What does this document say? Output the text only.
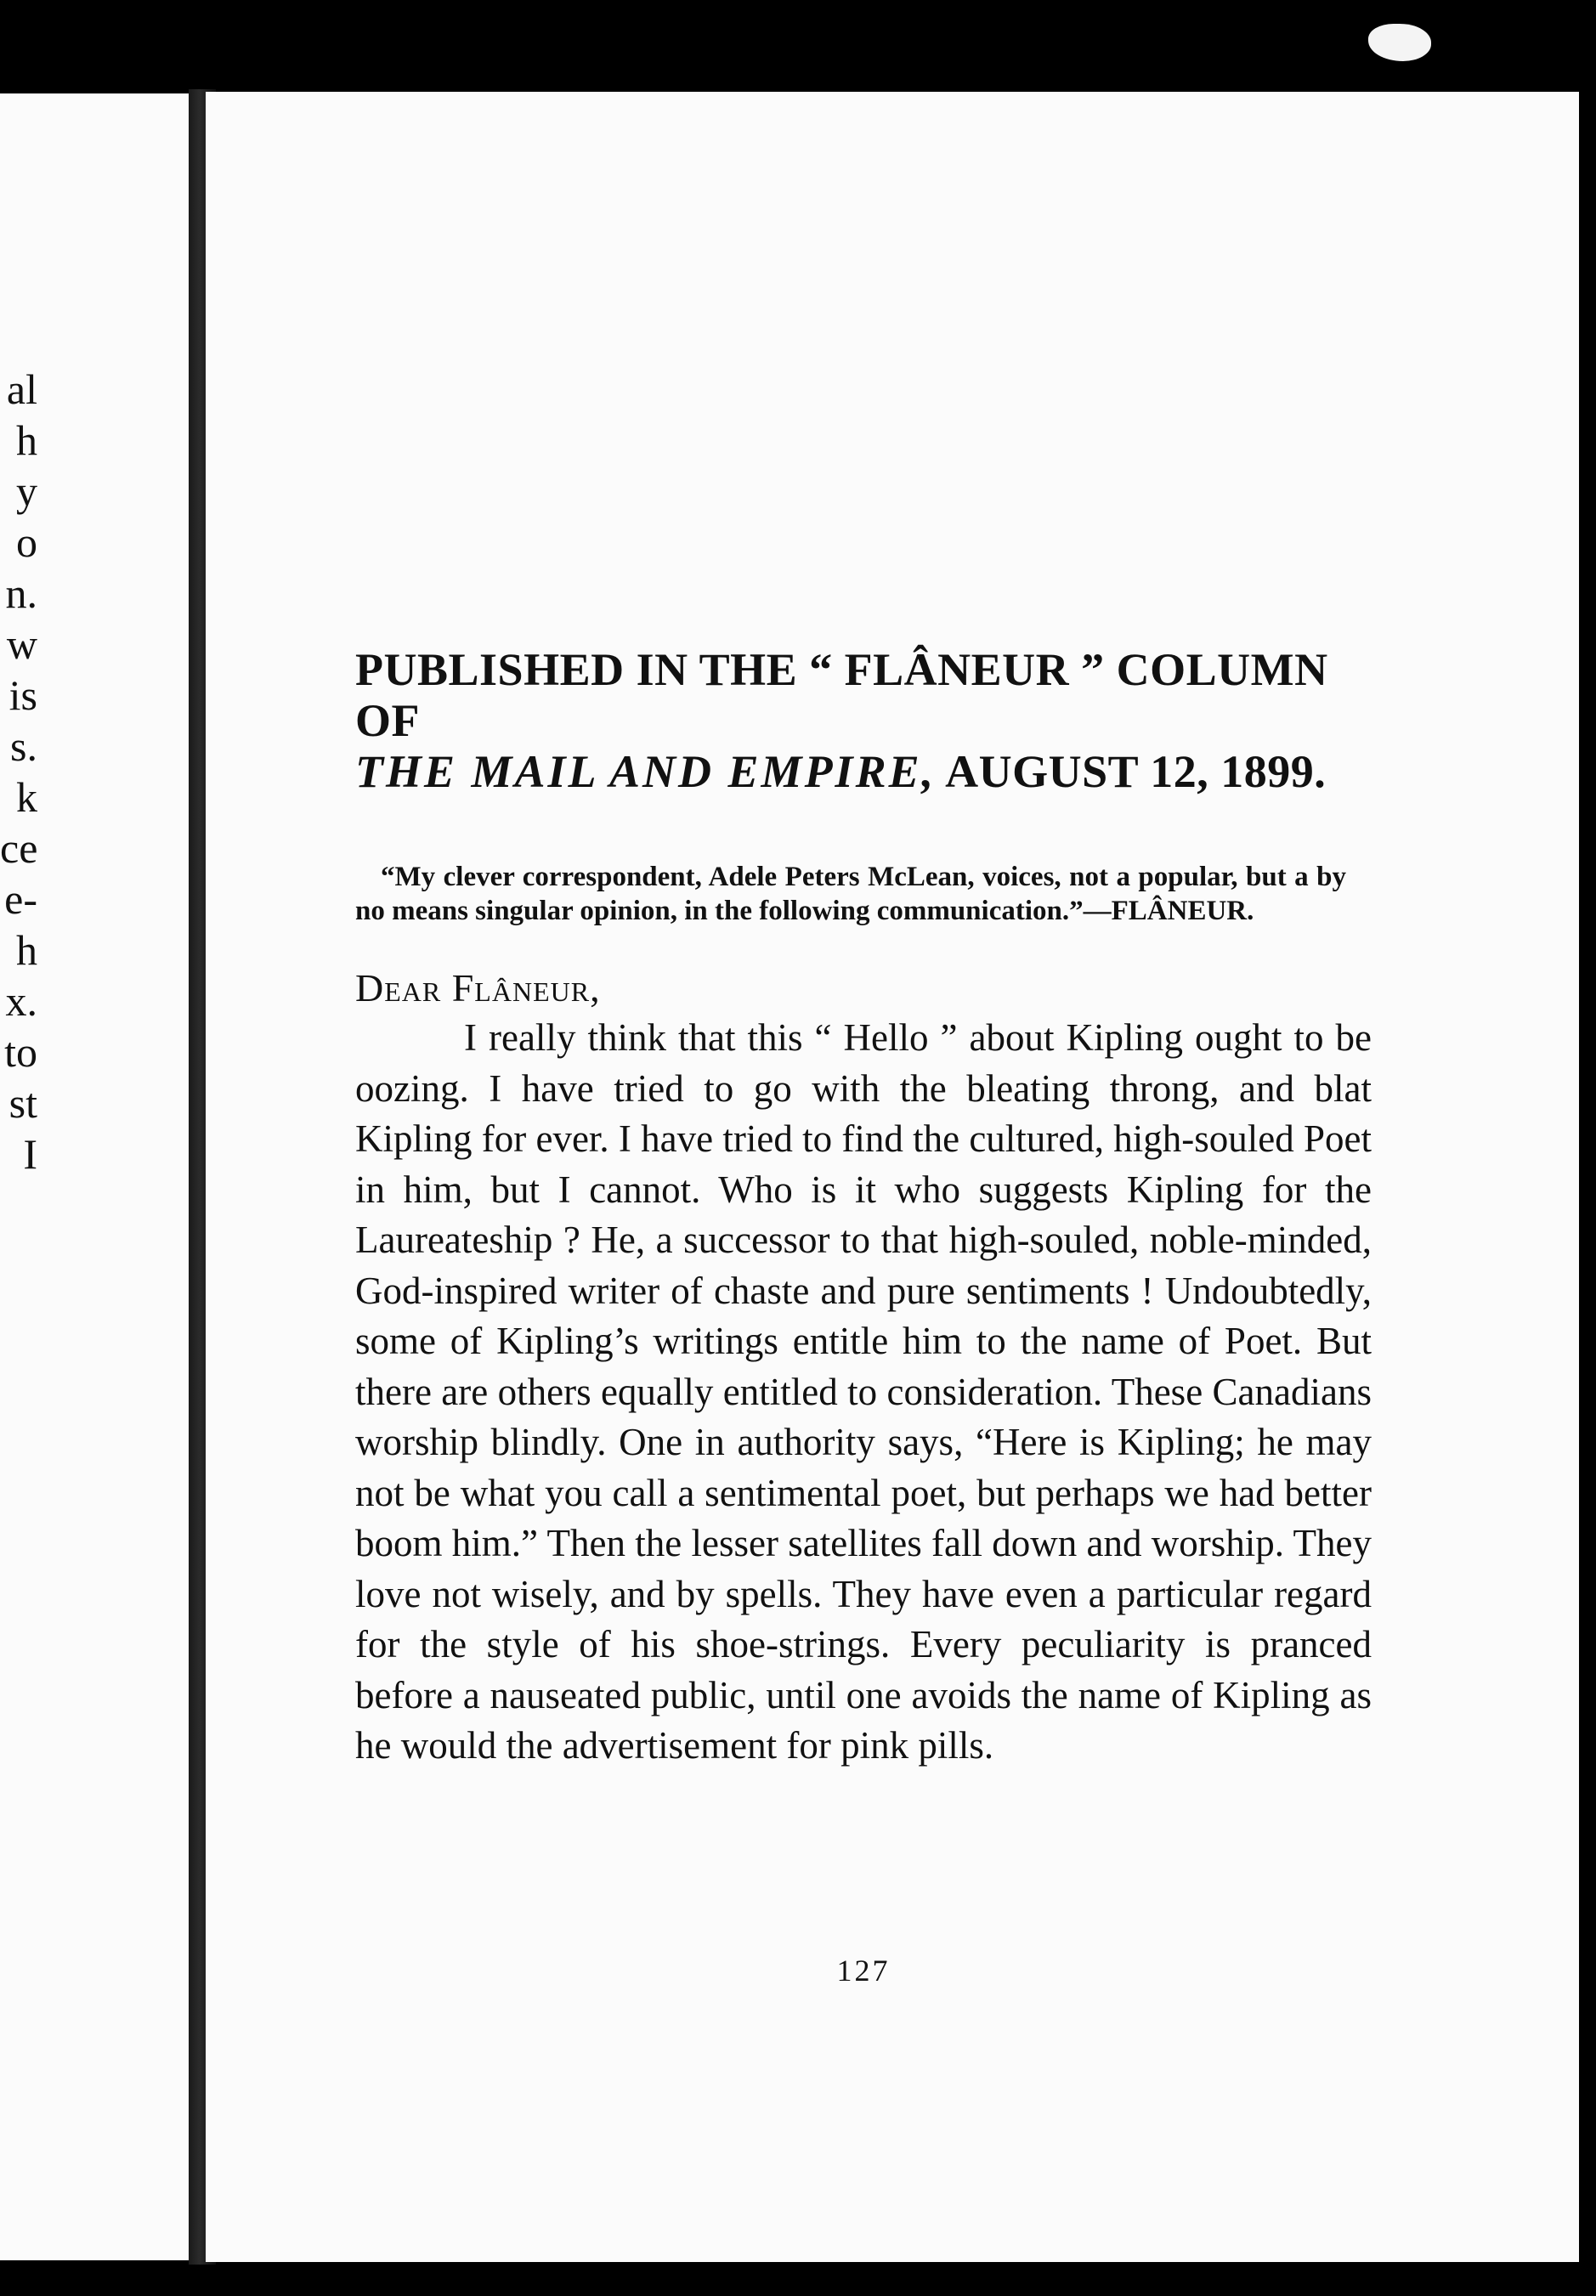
al
h
y
o
n.
w
is
s.
k
ce
e-
h
x.
to
st
I
PUBLISHED IN THE “ FLÂNEUR ” COLUMN OF
THE MAIL AND EMPIRE, AUGUST 12, 1899.
“My clever correspondent, Adele Peters McLean, voices, not a popular, but a by no means singular opinion, in the following communication.”—FLÂNEUR.
Dear Flâneur,
I really think that this “ Hello ” about Kipling ought to be oozing. I have tried to go with the bleating throng, and blat Kipling for ever. I have tried to find the cultured, high-souled Poet in him, but I cannot. Who is it who suggests Kipling for the Laureateship ? He, a successor to that high-souled, noble-minded, God-inspired writer of chaste and pure sentiments ! Undoubtedly, some of Kipling’s writings entitle him to the name of Poet. But there are others equally entitled to consideration. These Canadians worship blindly. One in authority says, “Here is Kipling; he may not be what you call a sentimental poet, but perhaps we had better boom him.” Then the lesser satellites fall down and worship. They love not wisely, and by spells. They have even a particular regard for the style of his shoe-strings. Every peculiarity is pranced before a nauseated public, until one avoids the name of Kipling as he would the advertisement for pink pills.
127
